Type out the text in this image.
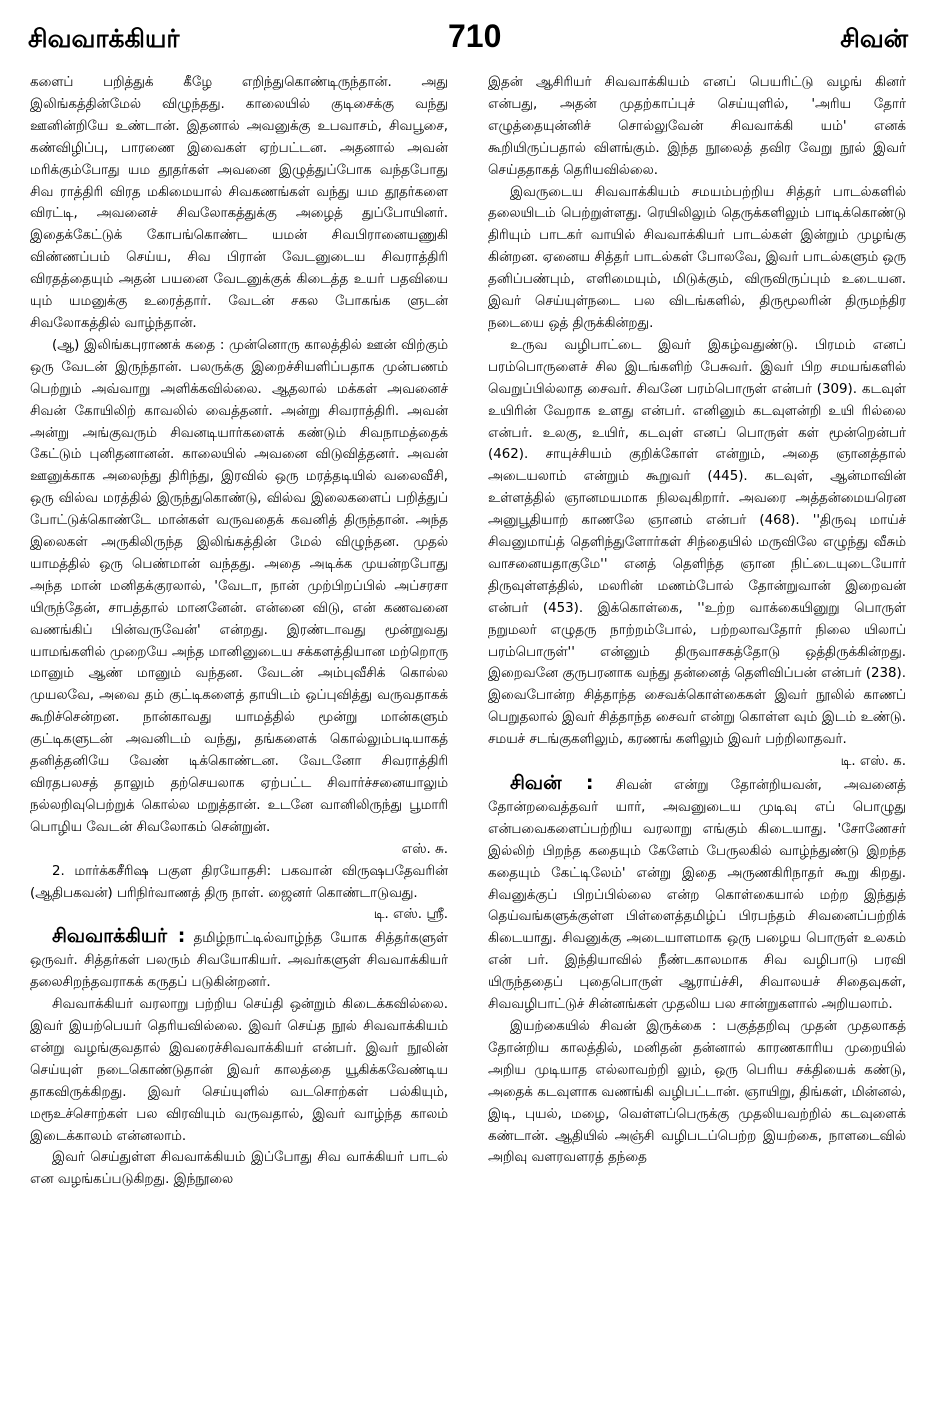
சிவவாக்கியர்	710	சிவன்

களைப் பறித்துக் கீழே எறிந்துகொண்டிருந்தான். அது இலிங்கத்தின்மேல் விழுந்தது. காலையில் குடிசைக்கு வந்து ஊனின்றியே உண்டான். இதனால் அவனுக்கு உபவாசம், சிவபூசை, கண்விழிப்பு, பாரணை இவைகள் ஏற்பட்டன. அதனால் அவன் மரிக்கும்போது யம தூதர்கள் அவனை இழுத்துப்போக வந்தபோது சிவ ராத்திரி விரத மகிமையால் சிவகணங்கள் வந்து யம தூதர்களை விரட்டி, அவனைச் சிவலோகத்துக்கு அழைத் துப்போயினர். இதைக்கேட்டுக் கோபங்கொண்ட யமன் சிவபிரானையணுகி விண்ணப்பம் செய்ய, சிவ பிரான் வேடனுடைய சிவராத்திரி விரதத்தையும் அதன் பயனை வேடனுக்குக் கிடைத்த உயர் பதவியை யும் யமனுக்கு உரைத்தார். வேடன் சகல போகங்க ளுடன் சிவலோகத்தில் வாழ்ந்தான்.

(ஆ) இலிங்கபுராணக் கதை : முன்னொரு காலத்தில் ஊன் விற்கும் ஒரு வேடன் இருந்தான். பலருக்கு இறைச்சியளிப்பதாக முன்பணம் பெற்றும் அவ்வாறு அளிக்கவில்லை. ஆதலால் மக்கள் அவனைச் சிவன் கோயிலிற் காவலில் வைத்தனர். அன்று சிவராத்திரி. அவன் அன்று அங்குவரும் சிவனடியார்களைக் கண்டும் சிவநாமத்தைக் கேட்டும் புனிதனானன். காலையில் அவனை விடுவித்தனர். அவன் ஊனுக்காக அலைந்து திரிந்து, இரவில் ஒரு மரத்தடியில் வலைவீசி, ஒரு வில்வ மரத்தில் இருந்துகொண்டு, வில்வ இலைகளைப் பறித்துப் போட்டுக்கொண்டே மான்கள் வருவதைக் கவனித் திருந்தான். அந்த இலைகள் அருகிலிருந்த இலிங்கத்தின் மேல் விழுந்தன. முதல் யாமத்தில் ஒரு பெண்மான் வந்தது. அதை அடிக்க முயன்றபோது அந்த மான் மனிதக்குரலால், 'வேடா, நான் முற்பிறப்பில் அப்சரசா யிருந்தேன், சாபத்தால் மானனேன். என்னை விடு, என் கணவனை வணங்கிப் பின்வருவேன்' என்றது. இரண்டாவது மூன்றுவது யாமங்களில் முறையே அந்த மானினுடைய சக்களத்தியான மற்றொரு மானும் ஆண் மானும் வந்தன. வேடன் அம்புவீசிக் கொல்ல முயலவே, அவை தம் குட்டிகளைத் தாயிடம் ஒப்புவித்து வருவதாகக் கூறிச்சென்றன. நான்காவது யாமத்தில் மூன்று மான்களும் குட்டிகளுடன் அவனிடம் வந்து, தங்களைக் கொல்லும்படியாகத் தனித்தனியே வேண் டிக்கொண்டன. வேடனோ சிவராத்திரி விரதபலசத் தாலும் தற்செயலாக ஏற்பட்ட சிவார்ச்சனையாலும் நல்லறிவுபெற்றுக் கொல்ல மறுத்தான். உடனே வானிலிருந்து பூமாரி பொழிய வேடன் சிவலோகம் சென்றுன்.

எஸ். சு.

2. மார்க்கசீரிஷ பகுள திரயோதசி: பகவான் விருஷபதேவரின் (ஆதிபகவன்) பரிநிர்வாணத் திரு நாள். ஜைனர் கொண்டாடுவது.

டி. எஸ். ஸ்ரீ.

சிவவாக்கியர் : தமிழ்நாட்டில்வாழ்ந்த யோக சித்தர்களுள் ஒருவர். சித்தர்கள் பலரும் சிவயோகியர். அவர்களுள் சிவவாக்கியர் தலைசிறந்தவராகக் கருதப் படுகின்றனர்.

சிவவாக்கியர் வரலாறு பற்றிய செய்தி ஒன்றும் கிடைக்கவில்லை. இவர் இயற்பெயர் தெரியவில்லை. இவர் செய்த நூல் சிவவாக்கியம் என்று வழங்குவதால் இவரைச்சிவவாக்கியர் என்பர். இவர் நூலின் செய்யுள் நடைகொண்டுதான் இவர் காலத்தை யூகிக்கவேண்டிய தாகவிருக்கிறது. இவர் செய்யுளில் வடசொற்கள் பல்கியும், மரூஉச்சொற்கள் பல விரவியும் வருவதால், இவர் வாழ்ந்த காலம் இடைக்காலம் என்னலாம்.

இவர் செய்துள்ள சிவவாக்கியம் இப்போது சிவ வாக்கியர் பாடல் என வழங்கப்படுகிறது. இந்நூலை

இதன் ஆசிரியர் சிவவாக்கியம் எனப் பெயரிட்டு வழங் கினர் என்பது, அதன் முதற்காப்புச் செய்யுளில், 'அரிய தோர் எழுத்தையுன்னிச் சொல்லுவேன் சிவவாக்கி யம்' எனக் கூறியிருப்பதால் விளங்கும். இந்த நூலைத் தவிர வேறு நூல் இவர் செய்ததாகத் தெரியவில்லை.

இவருடைய சிவவாக்கியம் சமயம்பற்றிய சித்தர் பாடல்களில் தலையிடம் பெற்றுள்ளது. ரெயிலிலும் தெருக்களிலும் பாடிக்கொண்டு திரியும் பாடகர் வாயில் சிவவாக்கியர் பாடல்கள் இன்றும் முழங்கு கின்றன. ஏனைய சித்தர் பாடல்கள் போலவே, இவர் பாடல்களும் ஒரு தனிப்பண்பும், எளிமையும், மிடுக்கும், விருவிருப்பும் உடையன. இவர் செய்யுள்நடை பல விடங்களில், திருமூலரின் திருமந்திர நடையை ஒத் திருக்கின்றது.

உருவ வழிபாட்டை இவர் இகழ்வதுண்டு. பிரமம் எனப் பரம்பொருளைச் சில இடங்களிற் பேசுவர். இவர் பிற சமயங்களில் வெறுப்பில்லாத சைவர். சிவனே பரம்பொருள் என்பர் (309). கடவுள் உயிரின் வேறாக உளது என்பர். எனினும் கடவுளன்றி உயி ரில்லை என்பர். உலகு, உயிர், கடவுள் எனப் பொருள் கள் மூன்றென்பர் (462). சாயுச்சியம் குறிக்கோள் என்றும், அதை ஞானத்தால் அடையலாம் என்றும் கூறுவர் (445). கடவுள், ஆன்மாவின் உள்ளத்தில் ஞானமயமாக நிலவுகிறார். அவரை அத்தன்மையரென அனுபூதியாற் காணலே ஞானம் என்பர் (468). ''திருவு மாய்ச் சிவனுமாய்த் தெளிந்துளோர்கள் சிந்தையில் மருவிலே எழுந்து வீசும் வாசனையதாகுமே'' எனத் தெளிந்த ஞான நிட்டையுடையோர் திருவுள்ளத்தில், மலரின் மணம்போல் தோன்றுவான் இறைவன் என்பர் (453). இக்கொள்கை, ''உற்ற வாக்கையினுறு பொருள் நறுமலர் எழுதரு நாற்றம்போல், பற்றலாவதோர் நிலை யிலாப் பரம்பொருள்'' என்னும் திருவாசகத்தோடு ஒத்திருக்கின்றது. இறைவனே குருபரனாக வந்து தன்னைத் தெளிவிப்பன் என்பர் (238). இவைபோன்ற சித்தாந்த சைவக்கொள்கைகள் இவர் நூலில் காணப் பெறுதலால் இவர் சித்தாந்த சைவர் என்று கொள்ள வும் இடம் உண்டு. சமயச் சடங்குகளிலும், கரணங் களிலும் இவர் பற்றிலாதவர்.

டி. எஸ். க.

சிவன் : சிவன் என்று தோன்றியவன், அவனைத் தோன்றவைத்தவர் யார், அவனுடைய முடிவு எப் பொழுது என்பவைகளைப்பற்றிய வரலாறு எங்கும் கிடையாது. 'சோணேசர் இல்லிற் பிறந்த கதையும் கேளேம் பேருலகில் வாழ்ந்துண்டு இறந்த கதையும் கேட்டிலேம்' என்று இதை அருணகிரிநாதர் கூறு கிறது. சிவனுக்குப் பிறப்பில்லை என்ற கொள்கையால் மற்ற இந்துத் தெய்வங்களுக்குள்ள பிள்ளைத்தமிழ்ப் பிரபந்தம் சிவனைப்பற்றிக் கிடையாது. சிவனுக்கு அடையாளமாக ஒரு பழைய பொருள் உலகம் என் பர். இந்தியாவில் நீண்டகாலமாக சிவ வழிபாடு பரவி யிருந்ததைப் புதைபொருள் ஆராய்ச்சி, சிவாலயச் சிதைவுகள், சிவவழிபாட்டுச் சின்னங்கள் முதலிய பல சான்றுகளால் அறியலாம்.

இயற்கையில் சிவன் இருக்கை : பகுத்தறிவு முதன் முதலாகத் தோன்றிய காலத்தில், மனிதன் தன்னால் காரணகாரிய முறையில் அறிய முடியாத எல்லாவற்றி லும், ஒரு பெரிய சக்தியைக் கண்டு, அதைக் கடவுளாக வணங்கி வழிபட்டான். ஞாயிறு, திங்கள், மின்னல், இடி, புயல், மழை, வெள்ளப்பெருக்கு முதலியவற்றில் கடவுளைக் கண்டான். ஆதியில் அஞ்சி வழிபடப்பெற்ற இயற்கை, நாளடைவில் அறிவு வளரவளரத் தந்தை
